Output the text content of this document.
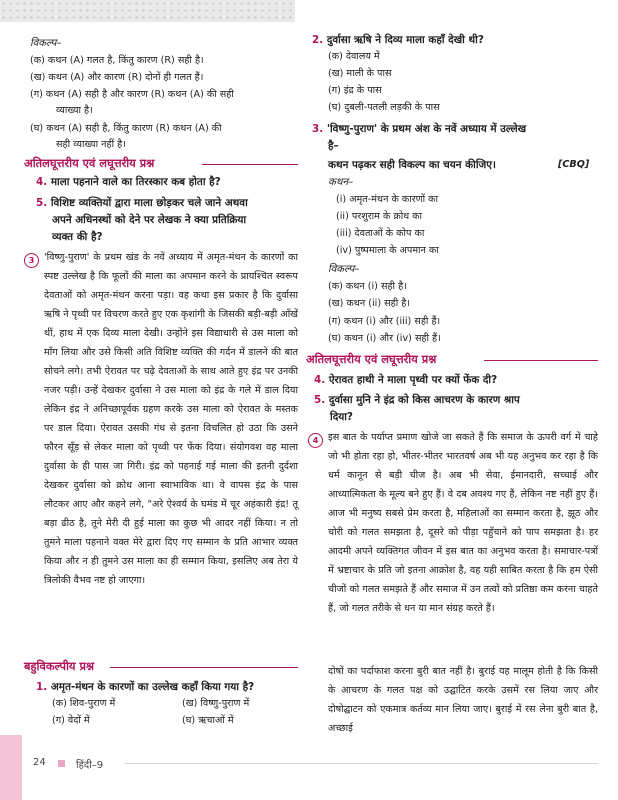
विकल्प–
(क) कथन (A) गलत है, किंतु कारण (R) सही है।
(ख) कथन (A) और कारण (R) दोनों ही गलत हैं।
(ग) कथन (A) सही है और कारण (R) कथन (A) की सही
व्याख्या है।
(घ) कथन (A) सही है, किंतु कारण (R) कथन (A) की
सही व्याख्या नहीं है।
अतिलघूत्तरीय एवं लघूत्तरीय प्रश्न
4. माला पहनाने वाले का तिरस्कार कब होता है?
5. विशिष्ट व्यक्तियों द्वारा माला छोड़कर चले जाने अथवा
अपने अधिनस्थों को देने पर लेखक ने क्या प्रतिक्रिया
व्यक्त की है?
3	'विष्णु-पुराण' के प्रथम खंड के नवें अध्याय में अमृत-मंथन के कारणों का स्पष्ट उल्लेख है कि फूलों की माला का अपमान करने के प्रायश्चित स्वरूप देवताओं को अमृत-मंथन करना पड़ा। वह कथा इस प्रकार है कि दुर्वासा ऋषि ने पृथ्वी पर विचरण करते हुए एक कृशांगी के जिसकी बड़ी-बड़ी आँखें थीं, हाथ में एक दिव्य माला देखी। उन्होंने इस विद्याधारी से उस माला को माँग लिया और उसे किसी अति विशिष्ट व्यक्ति की गर्दन में डालने की बात सोचने लगे। तभी ऐरावत पर चढ़े देवताओं के साथ आते हुए इंद्र पर उनकी नजर पड़ी। उन्हें देखकर दुर्वासा ने उस माला को इंद्र के गले में डाल दिया लेकिन इंद्र ने अनिच्छापूर्वक ग्रहण करके उस माला को ऐरावत के मस्तक पर डाल दिया। ऐरावत उसकी गंध से इतना विचलित हो उठा कि उसने फौरन सूँड़ से लेकर माला को पृथ्वी पर फेंक दिया। संयोगवश वह माला दुर्वासा के ही पास जा गिरी। इंद्र को पहनाई गई माला की इतनी दुर्दशा देखकर दुर्वासा को क्रोध आना स्वाभाविक था। वे वापस इंद्र के पास लौटकर आए और कहने लगे, "अरे ऐश्वर्य के घमंड में चूर अहंकारी इंद्र! तू बड़ा ढीठ है, तूने मेरी दी हुई माला का कुछ भी आदर नहीं किया। न तो तुमने माला पहनाने वक्त मेरे द्वारा दिए गए सम्मान के प्रति आभार व्यक्त किया और न ही तुमने उस माला का ही सम्मान किया, इसलिए अब तेरा ये त्रिलोकी वैभव नष्ट हो जाएगा।
बहुविकल्पीय प्रश्न
1. अमृत-मंथन के कारणों का उल्लेख कहाँ किया गया है?
(क) शिव-पुराण में	(ख) विष्णु-पुराण में
(ग) वेदों में	(घ) ऋचाओं में
2. दुर्वासा ऋषि ने दिव्य माला कहाँ देखी थी?
(क) देवालय में
(ख) माली के पास
(ग) इंद्र के पास
(घ) दुबली-पतली लड़की के पास
3. 'विष्णु-पुराण' के प्रथम अंश के नवें अध्याय में उल्लेख
है–
कथन पढ़कर सही विकल्प का चयन कीजिए।	[CBQ]
कथन–
(i) अमृत-मंथन के कारणों का
(ii) परशुराम के क्रोध का
(iii) देवताओं के कोप का
(iv) पुष्पमाला के अपमान का
विकल्प–
(क) कथन (i) सही है।
(ख) कथन (ii) सही है।
(ग) कथन (i) और (iii) सही हैं।
(घ) कथन (i) और (iv) सही हैं।
अतिलघूत्तरीय एवं लघूत्तरीय प्रश्न
4. ऐरावत हाथी ने माला पृथ्वी पर क्यों फेंक दी?
5. दुर्वासा मुनि ने इंद्र को किस आचरण के कारण श्राप
दिया?
4	इस बात के पर्याप्त प्रमाण खोजे जा सकते हैं कि समाज के ऊपरी वर्ग में चाहे जो भी होता रहा हो, भीतर-भीतर भारतवर्ष अब भी यह अनुभव कर रहा है कि धर्म कानून से बड़ी चीज है। अब भी सेवा, ईमानदारी, सच्चाई और आध्यात्मिकता के मूल्य बने हुए हैं। वे दब अवश्य गए हैं, लेकिन नष्ट नहीं हुए हैं। आज भी मनुष्य सबसे प्रेम करता है, महिलाओं का सम्मान करता है, झूठ और चोरी को गलत समझता है, दूसरे को पीड़ा पहुँचाने को पाप समझता है। हर आदमी अपने व्यक्तिगत जीवन में इस बात का अनुभव करता है। समाचार-पत्रों में भ्रष्टाचार के प्रति जो इतना आक्रोश है, वह यही साबित करता है कि हम ऐसी चीजों को गलत समझते हैं और समाज में उन तत्वों को प्रतिष्ठा कम करना चाहते हैं, जो गलत तरीके से धन या मान संग्रह करते हैं।
दोषों का पर्दाफाश करना बुरी बात नहीं है। बुराई यह मालूम होती है कि किसी के आचरण के गलत पक्ष को उद्घाटित करके उसमें रस लिया जाए और दोषोद्घाटन को एकमात्र कर्तव्य मान लिया जाए। बुराई में रस लेना बुरी बात है, अच्छाई
24	हिंदी–9
